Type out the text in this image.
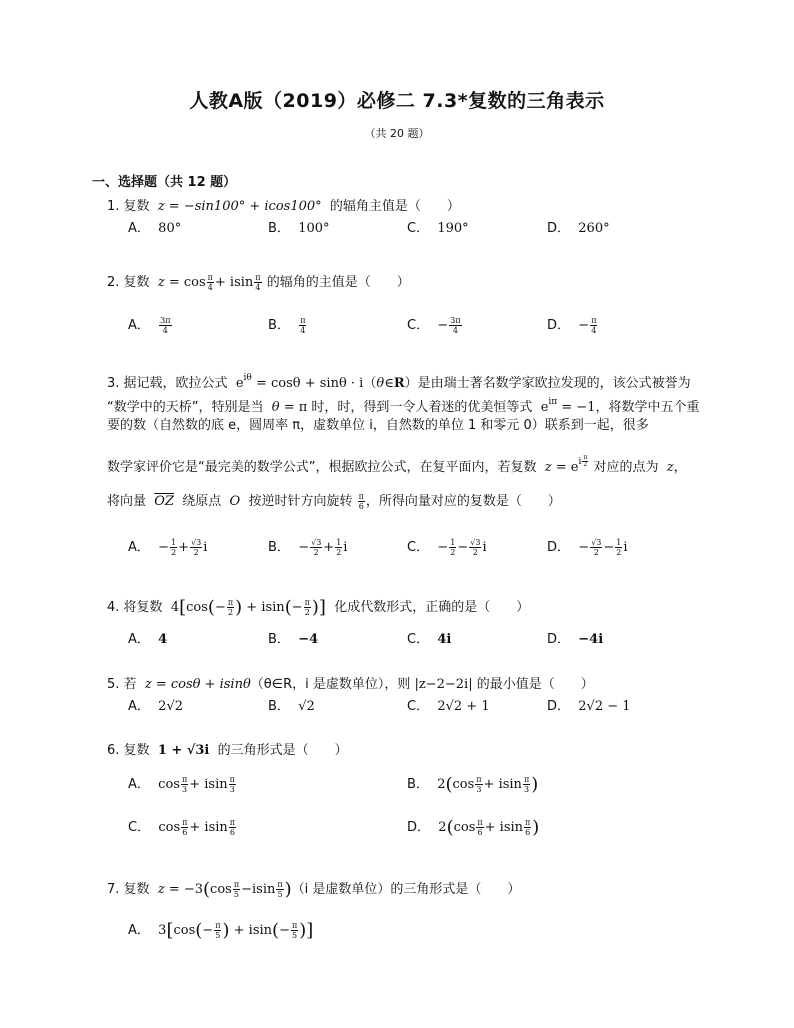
人教A版（2019）必修二 7.3*复数的三角表示
（共 20 题）
一、选择题（共 12 题）
1. 复数 z = −sin100° + icos100° 的辐角主值是（　　）
A． 80°	B． 100°	C． 190°	D． 260°
2. 复数 $z = \cos \frac{\pi}{4} + isin \frac{\pi}{4}$ 的辐角的主值是（　　）
A． $\frac{3\pi}{4}$	B． $\frac{\pi}{4}$	C． − $\frac{3\pi}{4}$	D． − $\frac{\pi}{4}$
3. 据记载，欧拉公式 $e^{i\theta} = \cos\theta + \sin\theta$ · i（θ∈R）是由瑞士著名数学家欧拉发现的，该公式被誉为
“数学中的天桥”，特别是当 θ = π 时，时，得到一令人着迷的优美恒等式 $e^{i\pi} = -1$，将数学中五个重
要的数（自然数的底 e，圆周率 π，虚数单位 i，自然数的单位 1 和零元 0）联系到一起，很多
数学家评价它是“最完美的数学公式”，根据欧拉公式，在复平面内，若复数 $z = e^{i \frac{\pi}{2}}$ 对应的点为 z，
将向量 $\overline{OZ}$ 绕原点 O 按逆时针方向旋转 $\frac{\pi}{6}$ ，所得向量对应的复数是（　　）
A． − $\frac{1}{2} + \frac{√3}{2}$ i	B． − $\frac{√3}{2} + \frac{1}{2}$ i	C． − $\frac{1}{2} - \frac{√3}{2}$ i	D． − $\frac{√3}{2} - \frac{1}{2}$ i
4. 将复数 $4[\cos(- \frac{\pi}{2}$ ) + $isin(- \frac{\pi}{2}$ )] 化成代数形式，正确的是（　　）
A． 4	B． −4	C． 4i	D． −4i
5. 若 z = cosθ + isinθ（θ∈R，i 是虚数单位），则 |z−2−2i| 的最小值是（　　）
A． 2√2	B． √2	C． 2√2 + 1	D． 2√2 − 1
6. 复数 1 + √3i 的三角形式是（　　）
A． $\cos \frac{\pi}{3} + isin \frac{\pi}{3}$	B． $2(\cos \frac{\pi}{3} + isin \frac{\pi}{3}$ )
C． $\cos \frac{\pi}{6} + isin \frac{\pi}{6}$	D． $2(\cos \frac{\pi}{6} + isin \frac{\pi}{6}$ )
7. 复数 $z = -3(\cos \frac{\pi}{5} -isin \frac{\pi}{5} )(i$ 是虚数单位）的三角形式是（　　）
A． $3[\cos(- \frac{\pi}{5}$ ) + $isin(- \frac{\pi}{5}$ )]
